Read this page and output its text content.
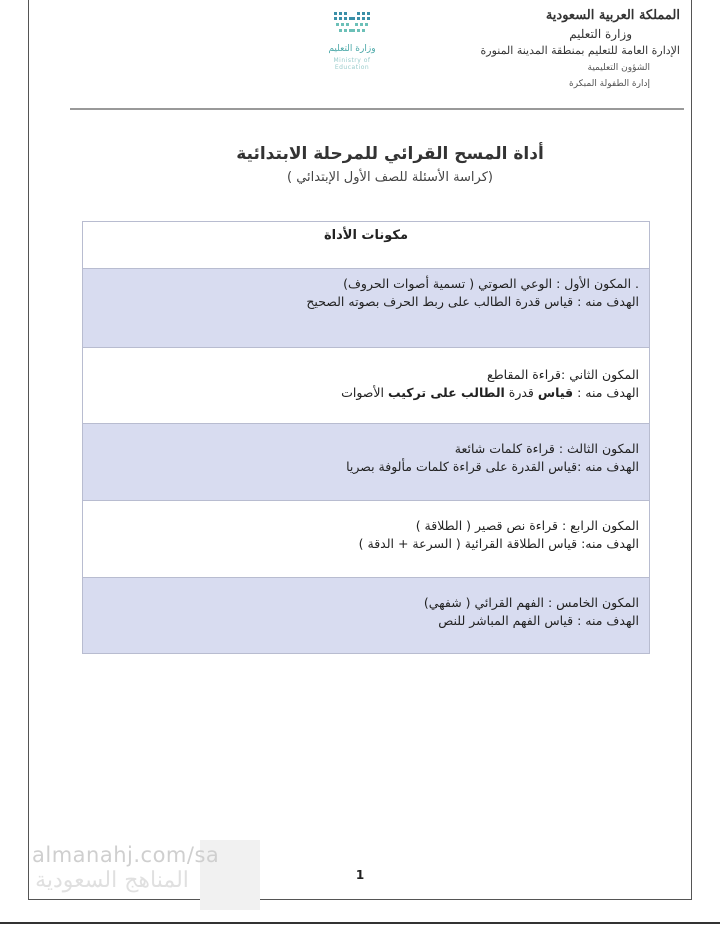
المملكة العربية السعودية
وزارة التعليم
الإدارة العامة للتعليم بمنطقة المدينة المنورة
الشؤون التعليمية
إدارة الطفولة المبكرة
وزارة التعليم
Ministry of Education
أداة المسح القرائي للمرحلة الابتدائية
(كراسة الأسئلة للصف الأول الإبتدائي )
مكونات الأداة
. المكون الأول : الوعي الصوتي ( تسمية أصوات الحروف)
الهدف منه : قياس قدرة الطالب على ربط الحرف بصوته الصحيح
المكون الثاني :قراءة المقاطع
الهدف منه : قياس قدرة الطالب على تركيب الأصوات
المكون الثالث : قراءة كلمات شائعة
الهدف منه :قياس القدرة على قراءة كلمات مألوفة بصريا
المكون الرابع : قراءة نص قصير ( الطلاقة )
الهدف منه: قياس الطلاقة القرائية ( السرعة + الدقة )
المكون الخامس : الفهم القرائي ( شفهي)
الهدف منه : قياس الفهم المباشر للنص
1
almanahj.com/sa
المناهج السعودية
